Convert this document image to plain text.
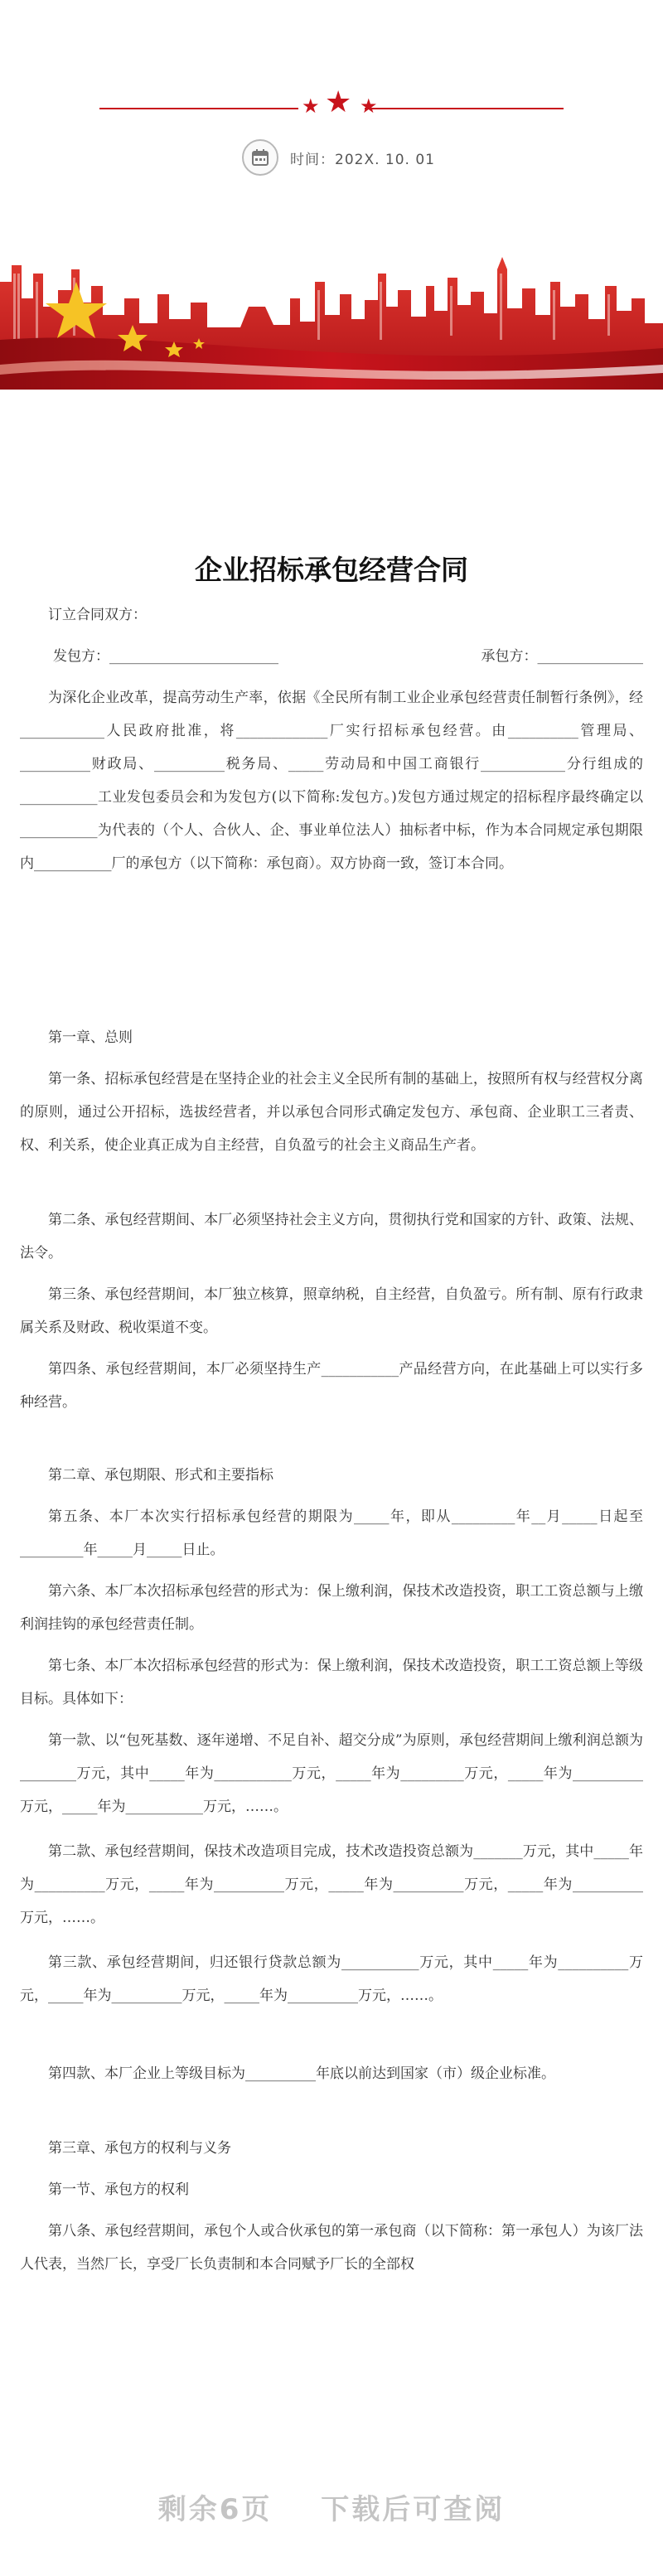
★ ★ ★
时间：202X. 10. 01
企业招标承包经营合同

订立合同双方：

发包方：________________________	承包方：_______________

为深化企业改革，提高劳动生产率，依据《全民所有制工业企业承包经营责任制暂行条例》，经____________人民政府批准，将_____________厂实行招标承包经营。由__________管理局、__________财政局、__________税务局、_____劳动局和中国工商银行____________分行组成的___________工业发包委员会和为发包方(以下简称:发包方。)发包方通过规定的招标程序最终确定以___________为代表的（个人、合伙人、企、事业单位法人）抽标者中标，作为本合同规定承包期限内___________厂的承包方（以下简称：承包商）。双方协商一致，签订本合同。

第一章、总则

第一条、招标承包经营是在坚持企业的社会主义全民所有制的基础上，按照所有权与经营权分离的原则，通过公开招标，选拔经营者，并以承包合同形式确定发包方、承包商、企业职工三者责、权、利关系，使企业真正成为自主经营，自负盈亏的社会主义商品生产者。

第二条、承包经营期间、本厂必须坚持社会主义方向，贯彻执行党和国家的方针、政策、法规、法令。

第三条、承包经营期间，本厂独立核算，照章纳税，自主经营，自负盈亏。所有制、原有行政隶属关系及财政、税收渠道不变。

第四条、承包经营期间，本厂必须坚持生产___________产品经营方向，在此基础上可以实行多种经营。

第二章、承包期限、形式和主要指标

第五条、本厂本次实行招标承包经营的期限为_____年，即从_________年__月_____日起至_________年_____月_____日止。

第六条、本厂本次招标承包经营的形式为：保上缴利润，保技术改造投资，职工工资总额与上缴利润挂钩的承包经营责任制。

第七条、本厂本次招标承包经营的形式为：保上缴利润，保技术改造投资，职工工资总额上等级目标。具体如下：

第一款、以“包死基数、逐年递增、不足自补、超交分成”为原则，承包经营期间上缴利润总额为________万元，其中_____年为___________万元，_____年为_________万元，_____年为__________万元，_____年为___________万元，……。

第二款、承包经营期间，保技术改造项目完成，技术改造投资总额为_______万元，其中_____年为__________万元，_____年为__________万元，_____年为__________万元，_____年为__________万元，……。

第三款、承包经营期间，归还银行贷款总额为___________万元，其中_____年为__________万元，_____年为__________万元，_____年为__________万元，……。

第四款、本厂企业上等级目标为__________年底以前达到国家（市）级企业标准。

第三章、承包方的权利与义务

第一节、承包方的权利

第八条、承包经营期间，承包个人或合伙承包的第一承包商（以下简称：第一承包人）为该厂法人代表，当然厂长，享受厂长负责制和本合同赋予厂长的全部权

剩余6页 下载后可查阅
